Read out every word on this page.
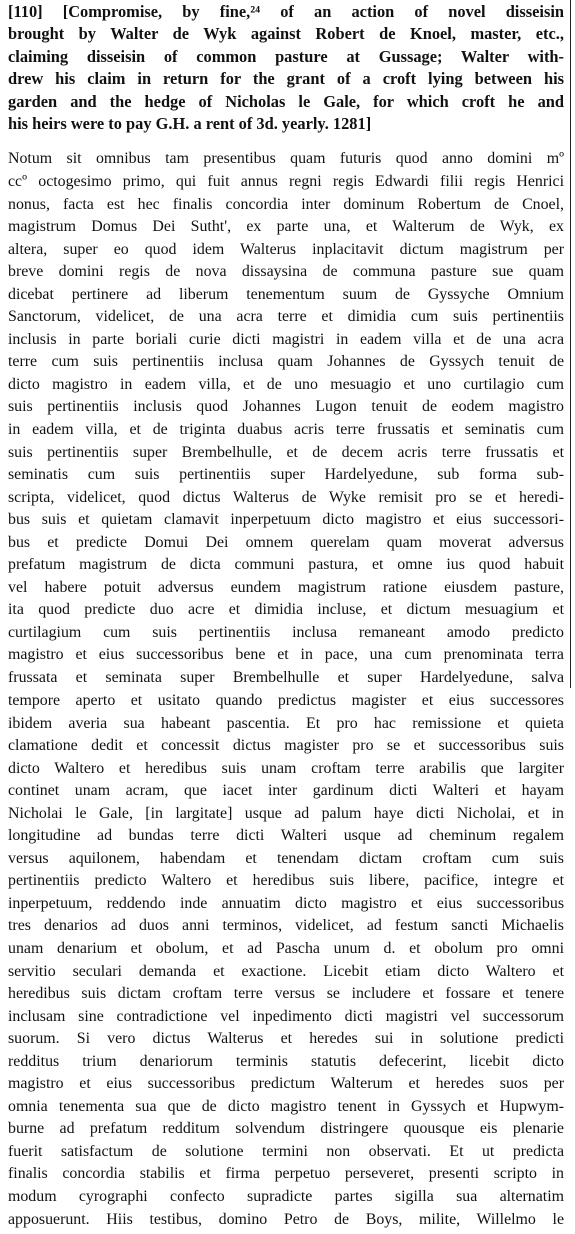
[110] [Compromise, by fine,²⁴ of an action of novel disseisin
brought by Walter de Wyk against Robert de Knoel, master, etc.,
claiming disseisin of common pasture at Gussage; Walter with-
drew his claim in return for the grant of a croft lying between his
garden and the hedge of Nicholas le Gale, for which croft he and
his heirs were to pay G.H. a rent of 3d. yearly. 1281]
Notum sit omnibus tam presentibus quam futuris quod anno domini mº
ccº octogesimo primo, qui fuit annus regni regis Edwardi filii regis Henrici
nonus, facta est hec finalis concordia inter dominum Robertum de Cnoel,
magistrum Domus Dei Sutht', ex parte una, et Walterum de Wyk, ex
altera, super eo quod idem Walterus inplacitavit dictum magistrum per
breve domini regis de nova dissaysina de communa pasture sue quam
dicebat pertinere ad liberum tenementum suum de Gyssyche Omnium
Sanctorum, videlicet, de una acra terre et dimidia cum suis pertinentiis
inclusis in parte boriali curie dicti magistri in eadem villa et de una acra
terre cum suis pertinentiis inclusa quam Johannes de Gyssych tenuit de
dicto magistro in eadem villa, et de uno mesuagio et uno curtilagio cum
suis pertinentiis inclusis quod Johannes Lugon tenuit de eodem magistro
in eadem villa, et de triginta duabus acris terre frussatis et seminatis cum
suis pertinentiis super Brembelhulle, et de decem acris terre frussatis et
seminatis cum suis pertinentiis super Hardelyedune, sub forma sub-
scripta, videlicet, quod dictus Walterus de Wyke remisit pro se et heredi-
bus suis et quietam clamavit inperpetuum dicto magistro et eius successori-
bus et predicte Domui Dei omnem querelam quam moverat adversus
prefatum magistrum de dicta communi pastura, et omne ius quod habuit
vel habere potuit adversus eundem magistrum ratione eiusdem pasture,
ita quod predicte duo acre et dimidia incluse, et dictum mesuagium et
curtilagium cum suis pertinentiis inclusa remaneant amodo predicto
magistro et eius successoribus bene et in pace, una cum prenominata terra
frussata et seminata super Brembelhulle et super Hardelyedune, salva
tempore aperto et usitato quando predictus magister et eius successores
ibidem averia sua habeant pascentia. Et pro hac remissione et quieta
clamatione dedit et concessit dictus magister pro se et successoribus suis
dicto Waltero et heredibus suis unam croftam terre arabilis que largiter
continet unam acram, que iacet inter gardinum dicti Walteri et hayam
Nicholai le Gale, [in largitate] usque ad palum haye dicti Nicholai, et in
longitudine ad bundas terre dicti Walteri usque ad cheminum regalem
versus aquilonem, habendam et tenendam dictam croftam cum suis
pertinentiis predicto Waltero et heredibus suis libere, pacifice, integre et
inperpetuum, reddendo inde annuatim dicto magistro et eius successoribus
tres denarios ad duos anni terminos, videlicet, ad festum sancti Michaelis
unam denarium et obolum, et ad Pascha unum d. et obolum pro omni
servitio seculari demanda et exactione. Licebit etiam dicto Waltero et
heredibus suis dictam croftam terre versus se includere et fossare et tenere
inclusam sine contradictione vel inpedimento dicti magistri vel successorum
suorum. Si vero dictus Walterus et heredes sui in solutione predicti
redditus trium denariorum terminis statutis defecerint, licebit dicto
magistro et eius successoribus predictum Walterum et heredes suos per
omnia tenementa sua que de dicto magistro tenent in Gyssych et Hupwym-
burne ad prefatum redditum solvendum distringere quousque eis plenarie
fuerit satisfactum de solutione termini non observati. Et ut predicta
finalis concordia stabilis et firma perpetuo perseveret, presenti scripto in
modum cyrographi confecto supradicte partes sigilla sua alternatim
apposuerunt. Hiis testibus, domino Petro de Boys, milite, Willelmo le
